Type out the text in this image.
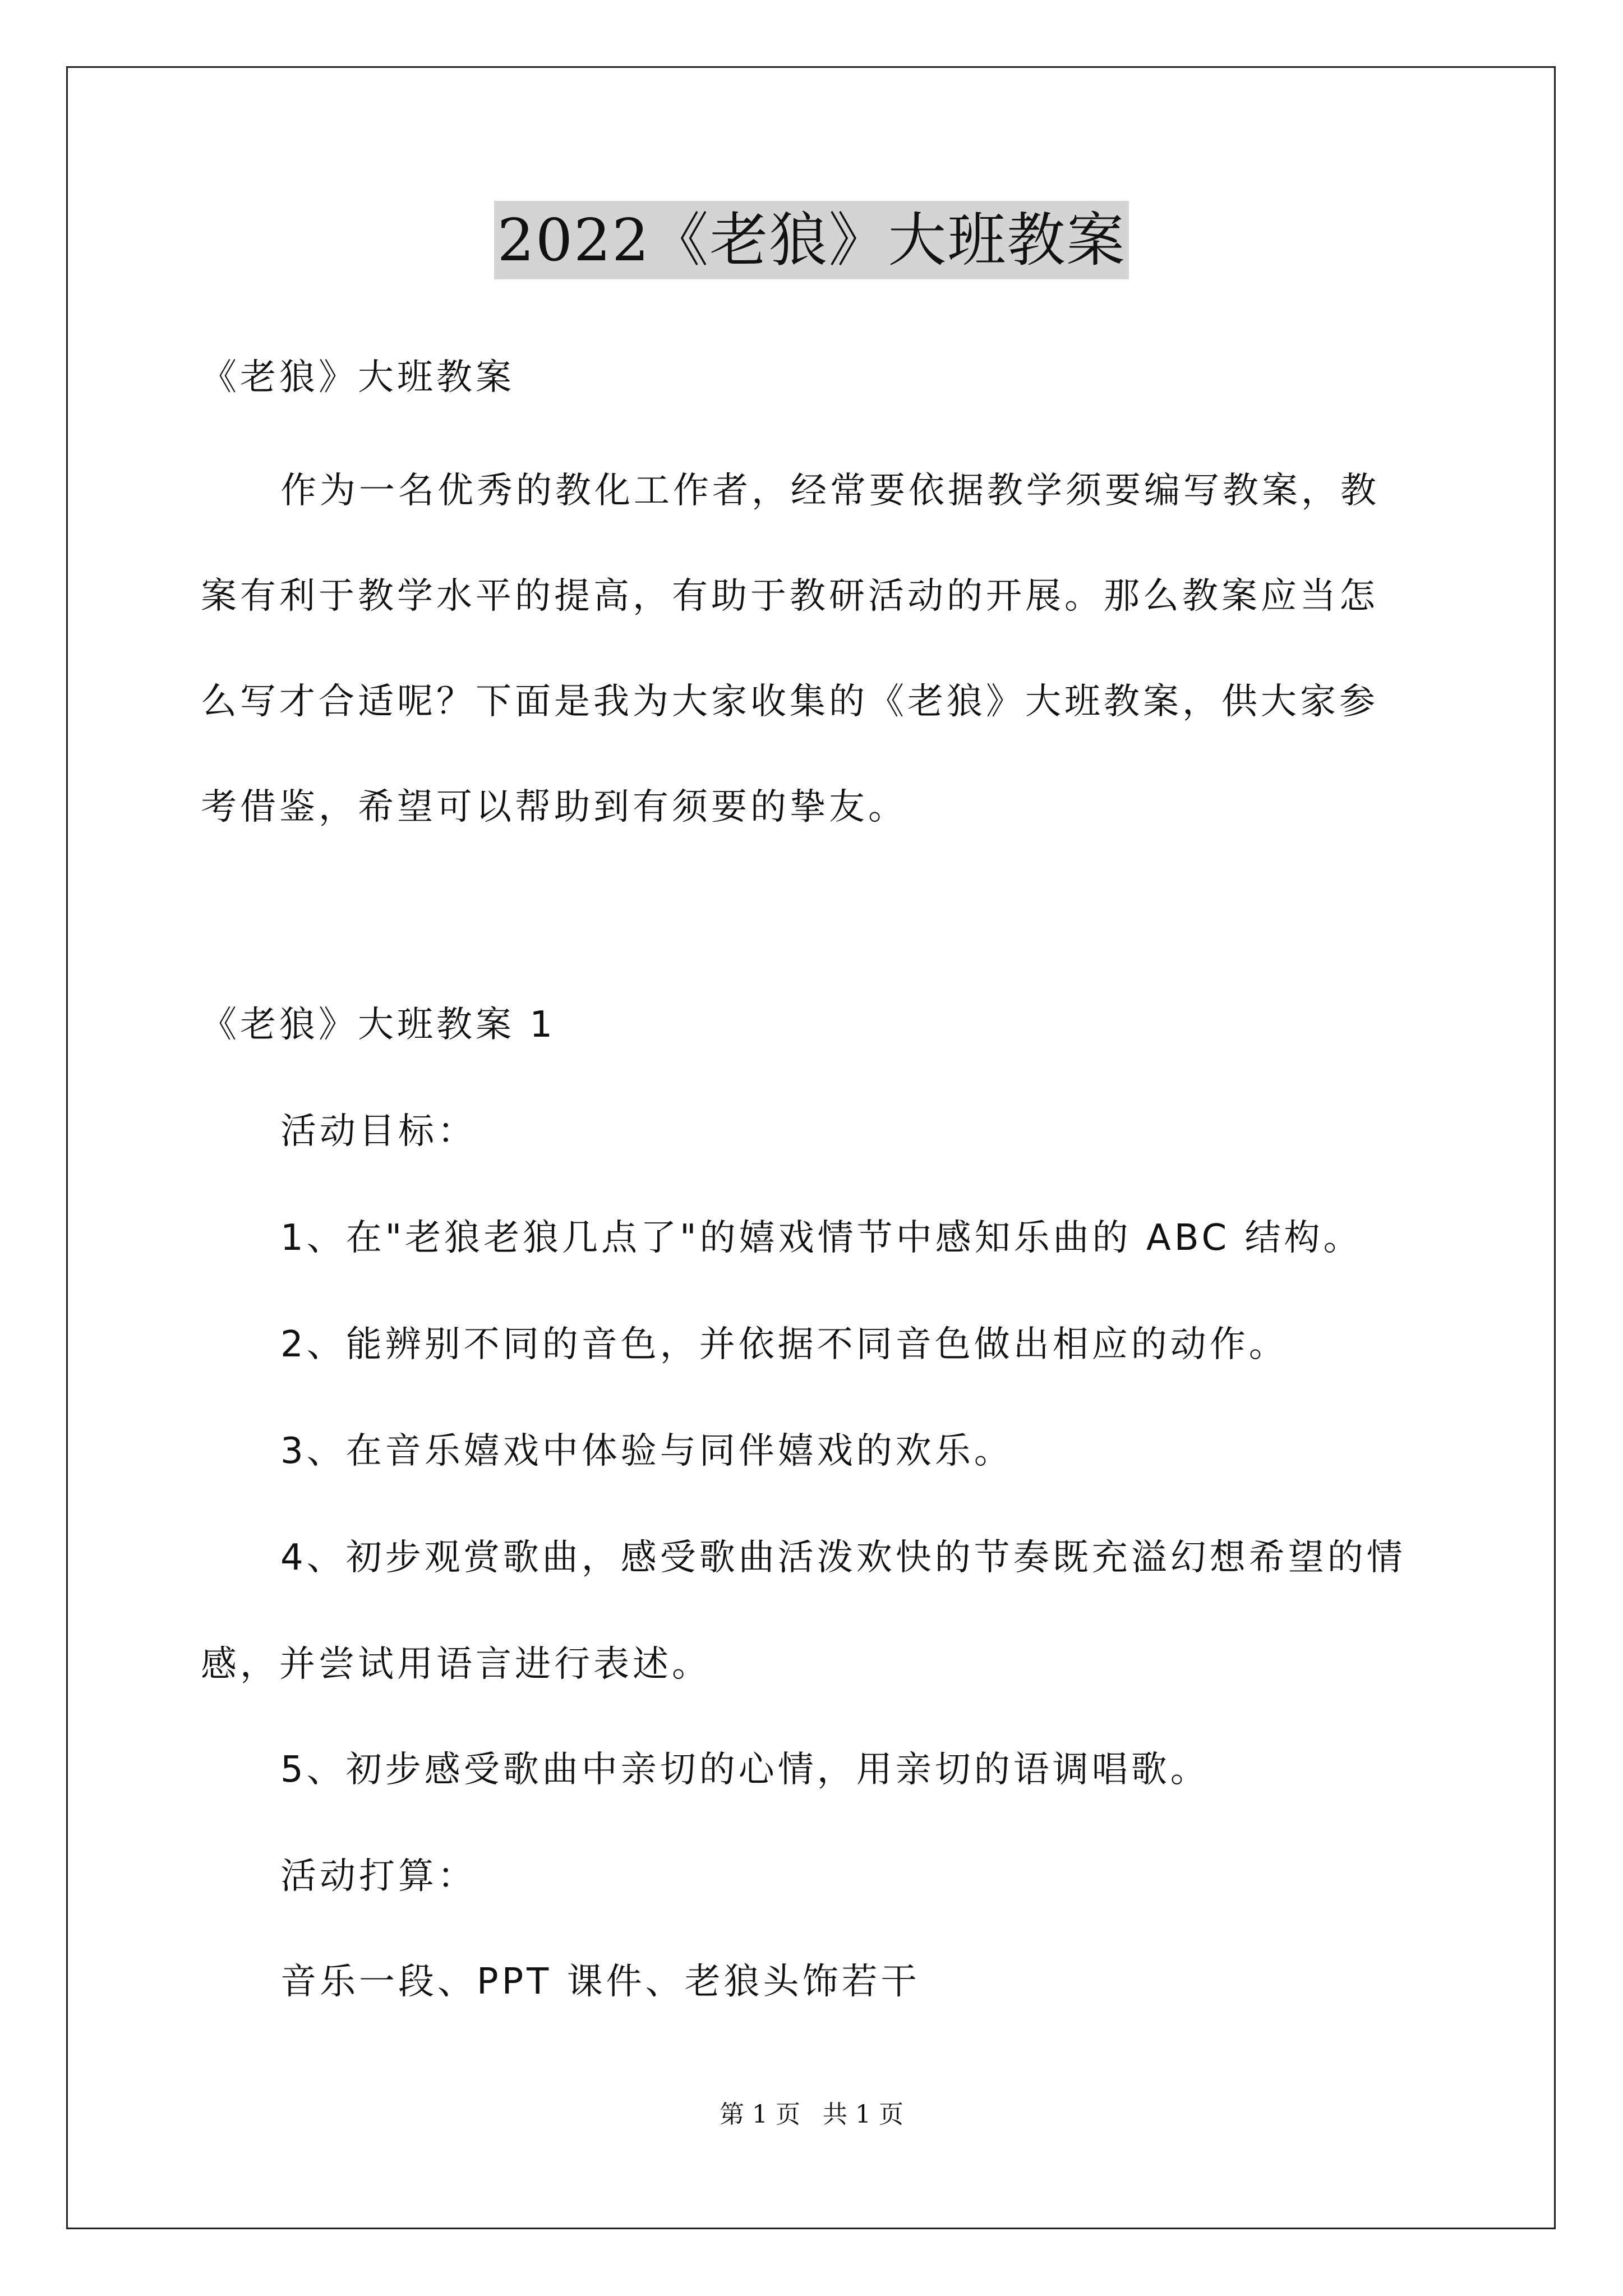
2022《老狼》大班教案
《老狼》大班教案
作为一名优秀的教化工作者，经常要依据教学须要编写教案，教
案有利于教学水平的提高，有助于教研活动的开展。那么教案应当怎
么写才合适呢？下面是我为大家收集的《老狼》大班教案，供大家参
考借鉴，希望可以帮助到有须要的挚友。
《老狼》大班教案 1
活动目标：
1、在"老狼老狼几点了"的嬉戏情节中感知乐曲的 ABC 结构。
2、能辨别不同的音色，并依据不同音色做出相应的动作。
3、在音乐嬉戏中体验与同伴嬉戏的欢乐。
4、初步观赏歌曲，感受歌曲活泼欢快的节奏既充溢幻想希望的情
感，并尝试用语言进行表述。
5、初步感受歌曲中亲切的心情，用亲切的语调唱歌。
活动打算：
音乐一段、PPT 课件、老狼头饰若干
第 1 页 共 1 页
